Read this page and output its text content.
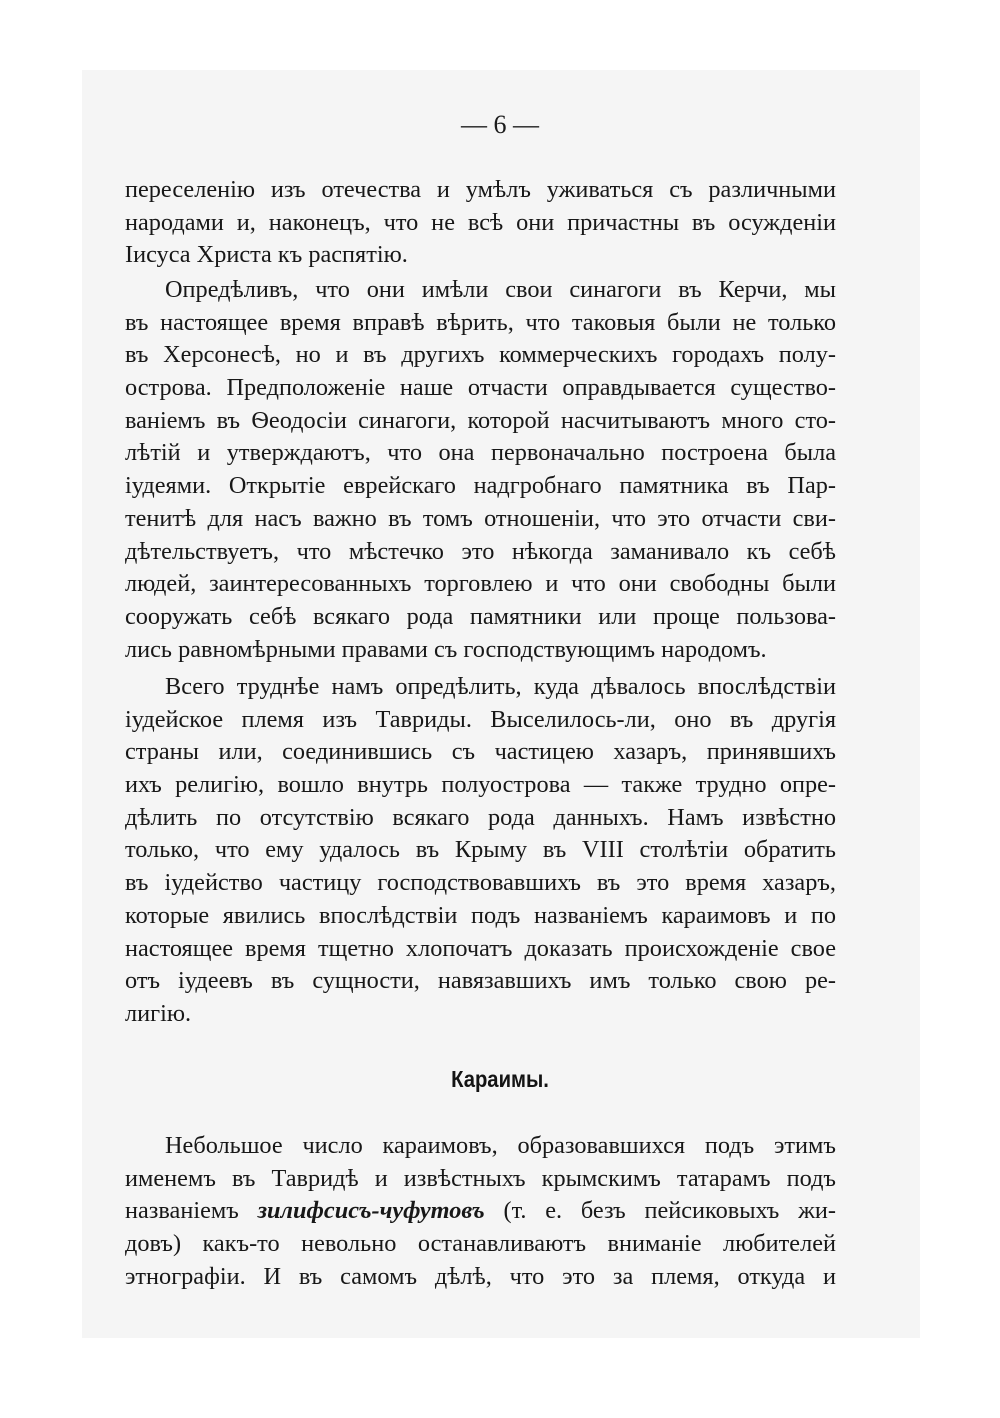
— 6 —
переселенію изъ отечества и умѣлъ уживаться съ различными
народами и, наконецъ, что не всѣ они причастны въ осужденіи
Іисуса Христа къ распятію.
Опредѣливъ, что они имѣли свои синагоги въ Керчи, мы
въ настоящее время вправѣ вѣрить, что таковыя были не только
въ Херсонесѣ, но и въ другихъ коммерческихъ городахъ полу-
острова. Предположеніе наше отчасти оправдывается существо-
ваніемъ въ Ѳеодосіи синагоги, которой насчитываютъ много сто-
лѣтій и утверждаютъ, что она первоначально построена была
іудеями. Открытіе еврейскаго надгробнаго памятника въ Пар-
тенитѣ для насъ важно въ томъ отношеніи, что это отчасти сви-
дѣтельствуетъ, что мѣстечко это нѣкогда заманивало къ себѣ
людей, заинтересованныхъ торговлею и что они свободны были
сооружать себѣ всякаго рода памятники или проще пользова-
лись равномѣрными правами съ господствующимъ народомъ.
Всего труднѣе намъ опредѣлить, куда дѣвалось впослѣдствіи
іудейское племя изъ Тавриды. Выселилось-ли, оно въ другія
страны или, соединившись съ частицею хазаръ, принявшихъ
ихъ религію, вошло внутрь полуострова — также трудно опре-
дѣлить по отсутствію всякаго рода данныхъ. Намъ извѣстно
только, что ему удалось въ Крыму въ VIII столѣтіи обратить
въ іудейство частицу господствовавшихъ въ это время хазаръ,
которые явились впослѣдствіи подъ названіемъ караимовъ и по
настоящее время тщетно хлопочатъ доказать происхожденіе свое
отъ іудеевъ въ сущности, навязавшихъ имъ только свою ре-
лигію.
Караимы.
Небольшое число караимовъ, образовавшихся подъ этимъ
именемъ въ Тавридѣ и извѣстныхъ крымскимъ татарамъ подъ
названіемъ зилифсисъ-чуфутовъ (т. е. безъ пейсиковыхъ жи-
довъ) какъ-то невольно останавливаютъ вниманіе любителей
этнографіи. И въ самомъ дѣлѣ, что это за племя, откуда и
